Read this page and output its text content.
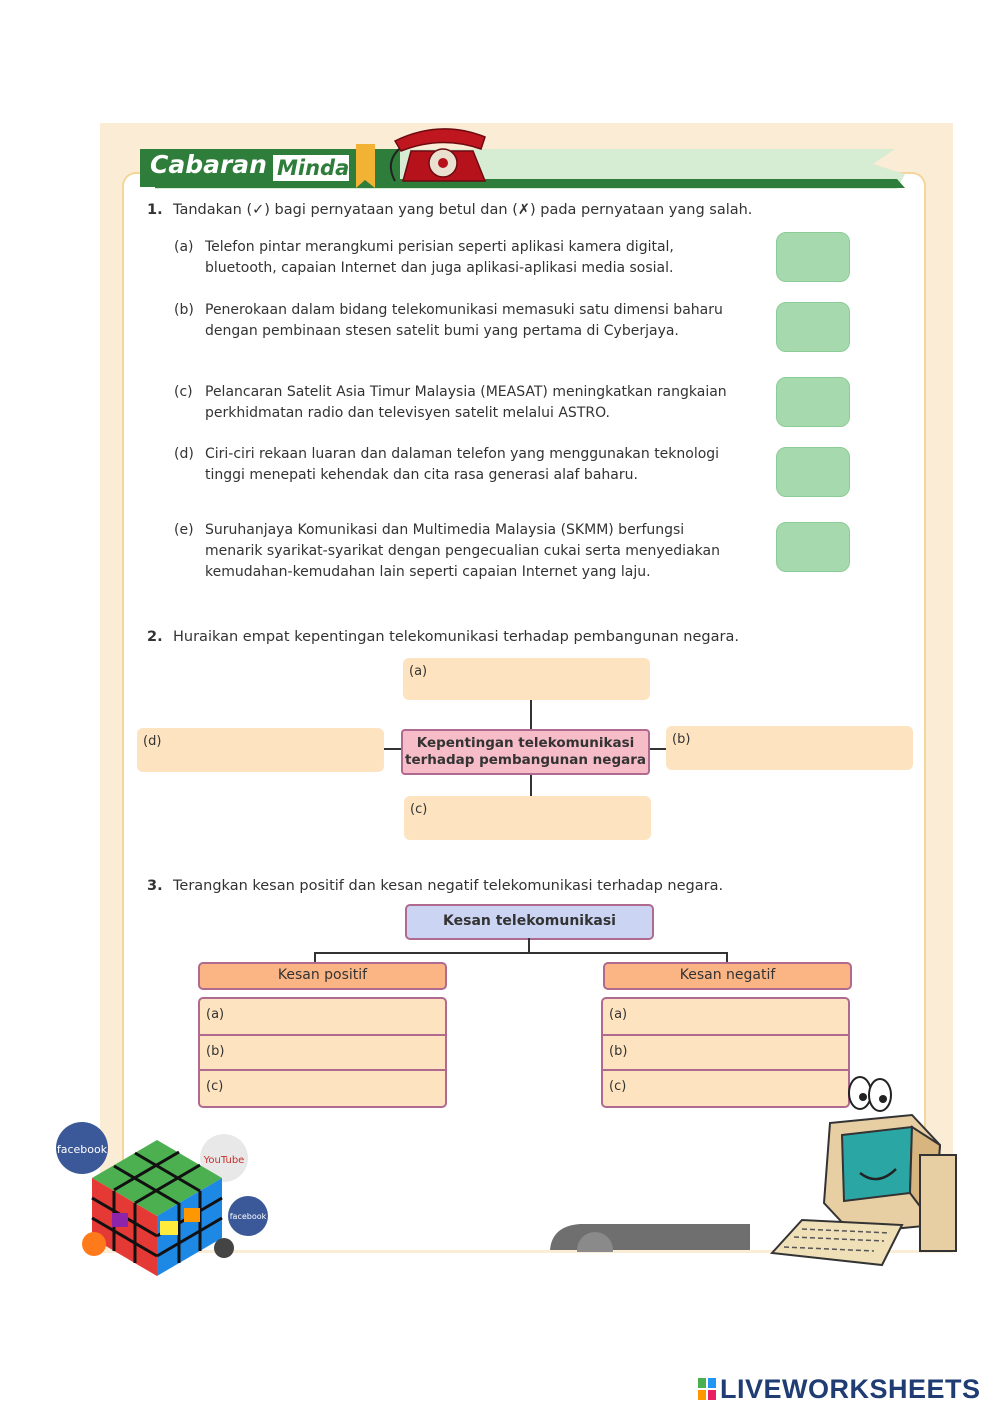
Cabaran Minda
1. Tandakan (✓) bagi pernyataan yang betul dan (✗) pada pernyataan yang salah.
(a) Telefon pintar merangkumi perisian seperti aplikasi kamera digital, bluetooth, capaian Internet dan juga aplikasi-aplikasi media sosial.
(b) Penerokaan dalam bidang telekomunikasi memasuki satu dimensi baharu dengan pembinaan stesen satelit bumi yang pertama di Cyberjaya.
(c) Pelancaran Satelit Asia Timur Malaysia (MEASAT) meningkatkan rangkaian perkhidmatan radio dan televisyen satelit melalui ASTRO.
(d) Ciri-ciri rekaan luaran dan dalaman telefon yang menggunakan teknologi tinggi menepati kehendak dan cita rasa generasi alaf baharu.
(e) Suruhanjaya Komunikasi dan Multimedia Malaysia (SKMM) berfungsi menarik syarikat-syarikat dengan pengecualian cukai serta menyediakan kemudahan-kemudahan lain seperti capaian Internet yang laju.
2. Huraikan empat kepentingan telekomunikasi terhadap pembangunan negara.
(a)
(d)	Kepentingan telekomunikasi
terhadap pembangunan negara
(b)
(c)
3. Terangkan kesan positif dan kesan negatif telekomunikasi terhadap negara.
Kesan telekomunikasi
Kesan positif	Kesan negatif
(a)
(b)
(c)
(a)
(b)
(c)
facebook
YouTube
facebook
LIVEWORKSHEETS
